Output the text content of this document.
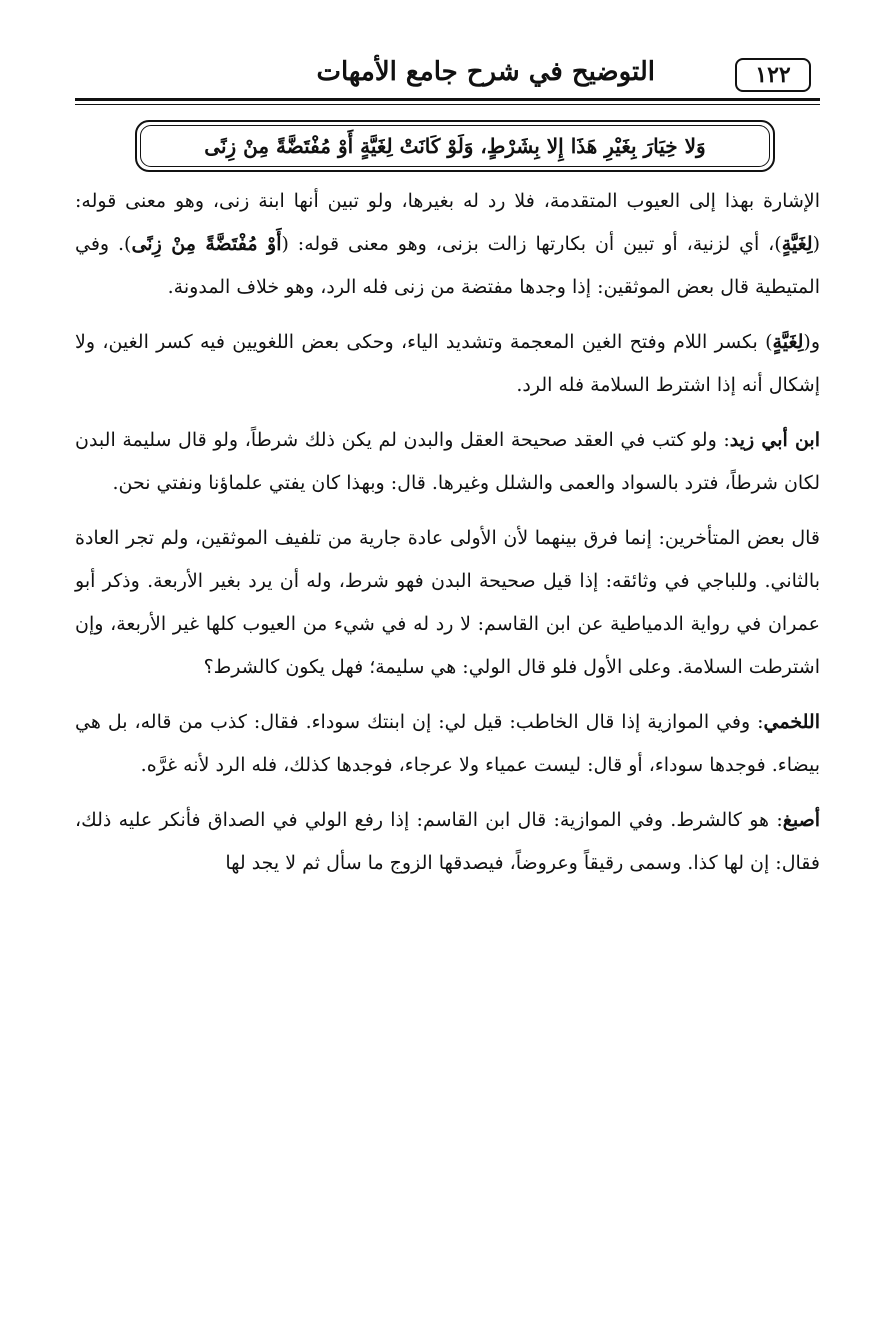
التوضيح في شرح جامع الأمهات	١٢٢
وَلا خِيَارَ بِغَيْرِ هَذَا إِلا بِشَرْطٍ، وَلَوْ كَانَتْ لِغَيَّةٍ أَوْ مُفْتَضَّةً مِنْ زِنًى

الإشارة بهذا إلى العيوب المتقدمة، فلا رد له بغيرها، ولو تبين أنها ابنة زنى، وهو معنى قوله: (لِغَيَّةٍ)، أي لزنية، أو تبين أن بكارتها زالت بزنى، وهو معنى قوله: (أَوْ مُفْتَضَّةً مِنْ زِنًى). وفي المتيطية قال بعض الموثقين: إذا وجدها مفتضة من زنى فله الرد، وهو خلاف المدونة.

و(لِغَيَّةٍ) بكسر اللام وفتح الغين المعجمة وتشديد الياء، وحكى بعض اللغويين فيه كسر الغين، ولا إشكال أنه إذا اشترط السلامة فله الرد.

ابن أبي زيد: ولو كتب في العقد صحيحة العقل والبدن لم يكن ذلك شرطاً، ولو قال سليمة البدن لكان شرطاً، فترد بالسواد والعمى والشلل وغيرها. قال: وبهذا كان يفتي علماؤنا ونفتي نحن.

قال بعض المتأخرين: إنما فرق بينهما لأن الأولى عادة جارية من تلفيف الموثقين، ولم تجر العادة بالثاني. وللباجي في وثائقه: إذا قيل صحيحة البدن فهو شرط، وله أن يرد بغير الأربعة. وذكر أبو عمران في رواية الدمياطية عن ابن القاسم: لا رد له في شيء من العيوب كلها غير الأربعة، وإن اشترطت السلامة. وعلى الأول فلو قال الولي: هي سليمة؛ فهل يكون كالشرط؟

اللخمي: وفي الموازية إذا قال الخاطب: قيل لي: إن ابنتك سوداء. فقال: كذب من قاله، بل هي بيضاء. فوجدها سوداء، أو قال: ليست عمياء ولا عرجاء، فوجدها كذلك، فله الرد لأنه غرَّه.

أصبغ: هو كالشرط. وفي الموازية: قال ابن القاسم: إذا رفع الولي في الصداق فأنكر عليه ذلك، فقال: إن لها كذا. وسمى رقيقاً وعروضاً، فيصدقها الزوج ما سأل ثم لا يجد لها
